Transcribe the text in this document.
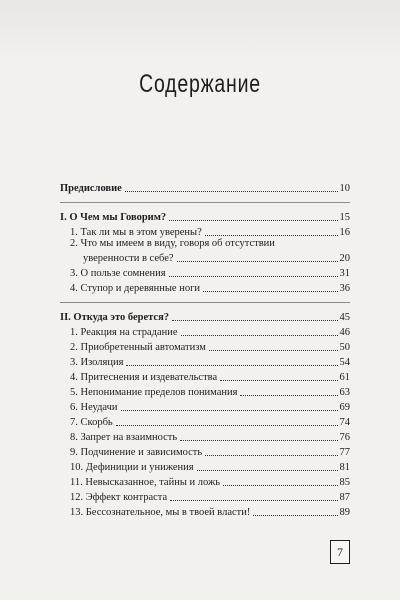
Содержание
Предисловие	10
I. О Чем мы Говорим?	15
1. Так ли мы в этом уверены?	16
2. Что мы имеем в виду, говоря об отсутствии
уверенности в себе?	20
3. О пользе сомнения	31
4. Ступор и деревянные ноги	36
II. Откуда это берется?	45
1. Реакция на страдание	46
2. Приобретенный автоматизм	50
3. Изоляция	54
4. Притеснения и издевательства	61
5. Непонимание пределов понимания	63
6. Неудачи	69
7. Скорбь	74
8. Запрет на взаимность	76
9. Подчинение и зависимость	77
10. Дефиниции и унижения	81
11. Невысказанное, тайны и ложь	85
12. Эффект контраста	87
13. Бессознательное, мы в твоей власти!	89
7
